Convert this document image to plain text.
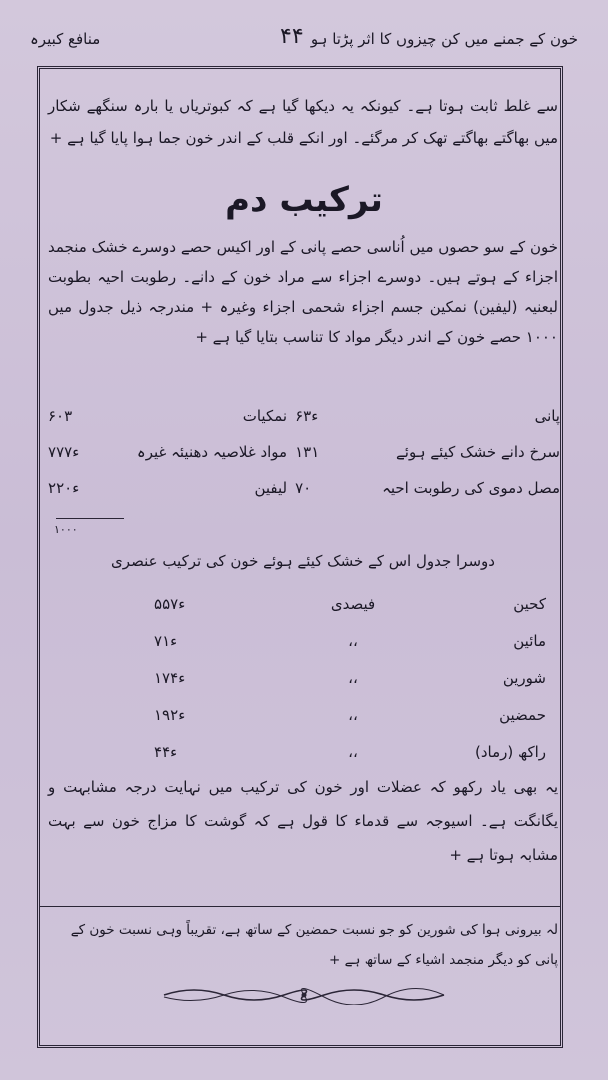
منافع کبیرہ	۴۴ خون کے جمنے میں کن چیزوں کا اثر پڑتا ہو
سے غلط ثابت ہوتا ہے۔ کیونکہ یہ دیکھا گیا ہے کہ کبوتریاں یا بارہ سنگھے شکار میں بھاگتے بھاگتے تھک کر مرگئے۔ اور انکے قلب کے اندر خون جما ہوا پایا گیا ہے +
ترکیب دم
خون کے سو حصوں میں اُناسی حصے پانی کے اور اکیس حصے دوسرے خشک منجمد اجزاء کے ہوتے ہیں۔ دوسرے اجزاء سے مراد خون کے دانے۔ رطوبت احیہ بطوبت لبعنیہ (لیفین) نمکین جسم اجزاء شحمی اجزاء وغیرہ + مندرجہ ذیل جدول میں ۱۰۰۰ حصے خون کے اندر دیگر مواد کا تناسب بتایا گیا ہے +
پانی	۶ء۳	نمکیات	۶۰۳
سرخ دانے خشک کیئے ہوئے	۱۳۱	مواد غلاصیہ دھنیئہ غیرہ	۷ء۷۷
مصل دموی کی رطوبت احیہ	۷۰	لیفین	۲ء۲۰
۱۰۰۰
دوسرا جدول اس کے خشک کیئے ہوئے خون کی ترکیب عنصری
کحین	فیصدی	۵ء۵۷
مائین	،،	۷ء۱
شورین	،،	۱۷ء۴
حمضین	،،	۱۹ء۲
راکھ (رماد)	،،	۴ء۴
یہ بھی یاد رکھو کہ عضلات اور خون کی ترکیب میں نہایت درجہ مشابہت و یگانگت ہے۔ اسیوجہ سے قدماء کا قول ہے کہ گوشت کا مزاج خون سے بہت مشابہ ہوتا ہے +
لہ بیرونی ہوا کی شورین کو جو نسبت حمضین کے ساتھ ہے، تقریباً وہی نسبت خون کے پانی کو دیگر منجمد اشیاء کے ساتھ ہے +
